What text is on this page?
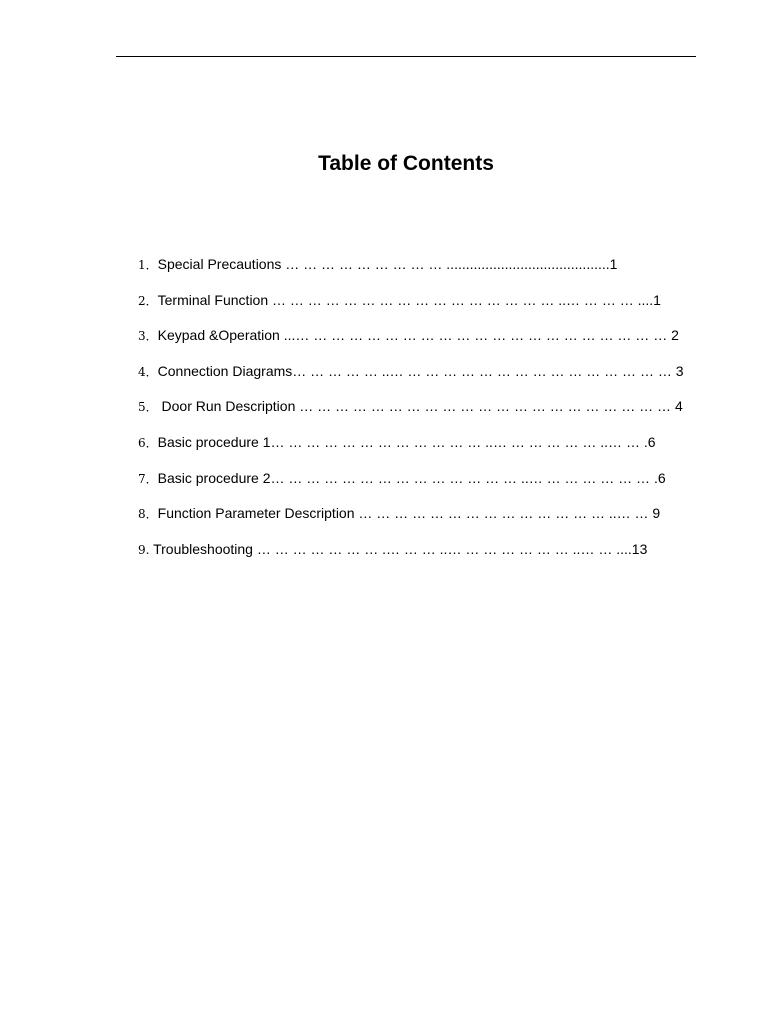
Table of Contents
1．Special Precautions … … … … … … … … … ..........................................1
2．Terminal Function … … … … … … … … … … … … … … … … ..… … … … ....1
3．Keypad &Operation ...… … … … … … … … … … … … … … … … … … … … … 2
4．Connection Diagrams… … … … … ..… … … … … … … … … … … … … … … … 3
5． Door Run Description … … … … … … … … … … … … … … … … … … … … … 4
6．Basic procedure 1… … … … … … … … … … … … ..… … … … … … ..… … .6
7．Basic procedure 2… … … … … … … … … … … … … … ..… … … … … … … .6
8．Function Parameter Description … … … … … … … … … … … … … … ..… … 9
9. Troubleshooting … … … … … … … .… … … ..… … … … … … … ..… … ....13
